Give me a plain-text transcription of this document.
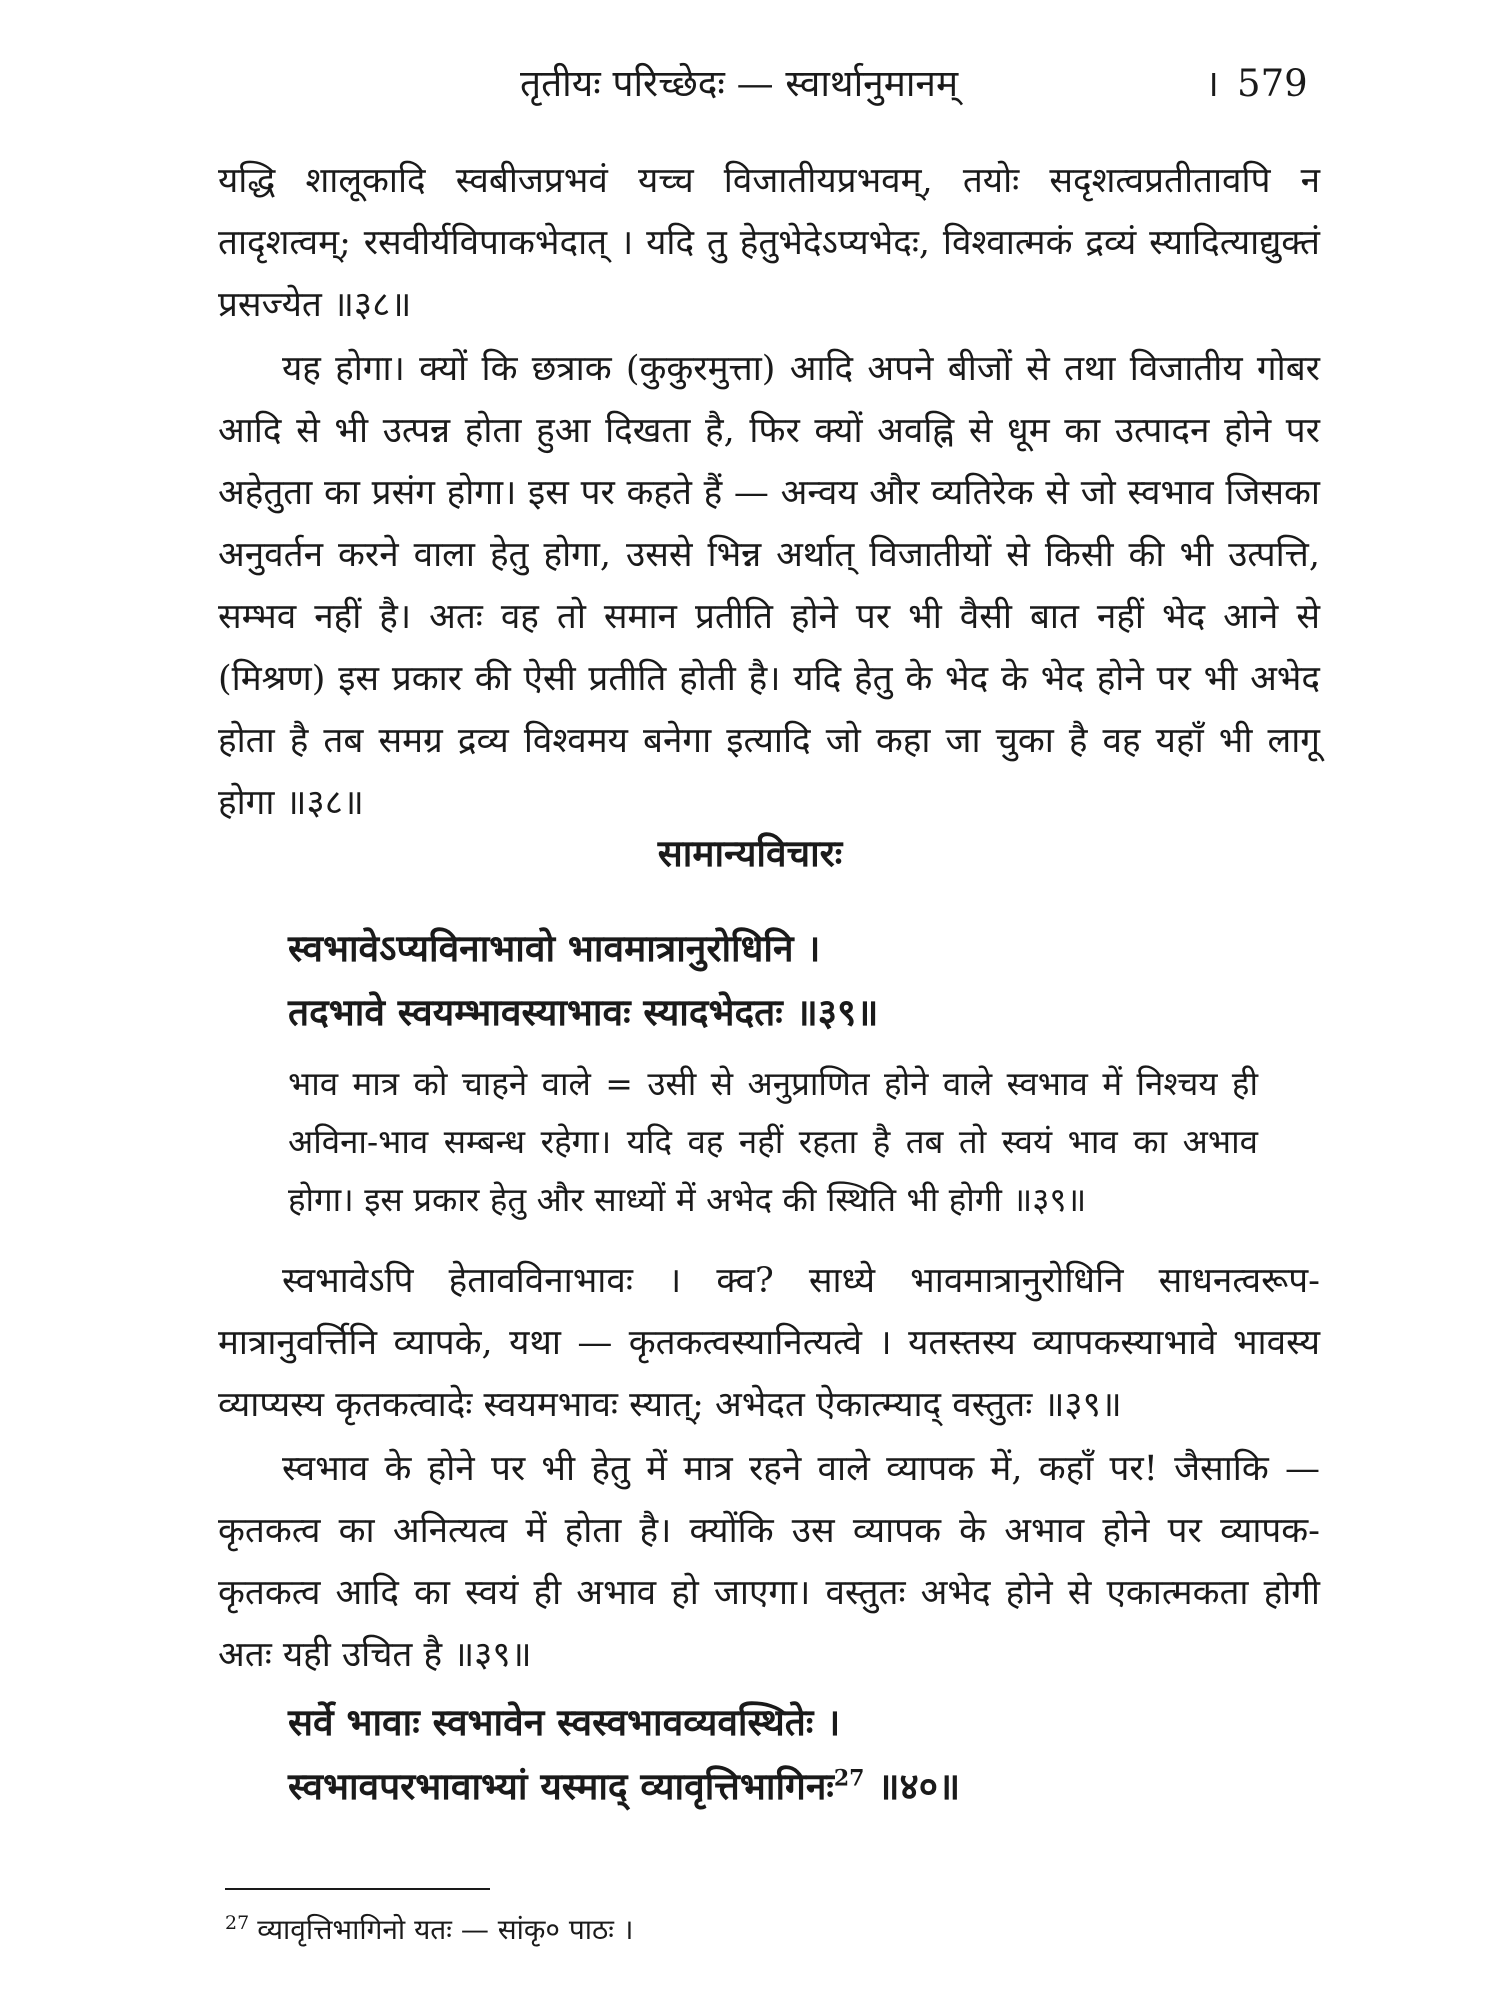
तृतीयः परिच्छेदः — स्वार्थानुमानम्	। 579

यद्धि शालूकादि स्वबीजप्रभवं यच्च विजातीयप्रभवम्, तयोः सदृशत्वप्रतीतावपि न तादृशत्वम्; रसवीर्यविपाकभेदात् । यदि तु हेतुभेदेऽप्यभेदः, विश्वात्मकं द्रव्यं स्यादित्याद्युक्तं प्रसज्येत ॥३८॥

यह होगा। क्यों कि छत्राक (कुकुरमुत्ता) आदि अपने बीजों से तथा विजातीय गोबर आदि से भी उत्पन्न होता हुआ दिखता है, फिर क्यों अवह्नि से धूम का उत्पादन होने पर अहेतुता का प्रसंग होगा। इस पर कहते हैं — अन्वय और व्यतिरेक से जो स्वभाव जिसका अनुवर्तन करने वाला हेतु होगा, उससे भिन्न अर्थात् विजातीयों से किसी की भी उत्पत्ति, सम्भव नहीं है। अतः वह तो समान प्रतीति होने पर भी वैसी बात नहीं भेद आने से (मिश्रण) इस प्रकार की ऐसी प्रतीति होती है। यदि हेतु के भेद के भेद होने पर भी अभेद होता है तब समग्र द्रव्य विश्वमय बनेगा इत्यादि जो कहा जा चुका है वह यहाँ भी लागू होगा ॥३८॥

सामान्यविचारः
स्वभावेऽप्यविनाभावो भावमात्रानुरोधिनि ।
तदभावे स्वयम्भावस्याभावः स्यादभेदतः ॥३९॥

भाव मात्र को चाहने वाले = उसी से अनुप्राणित होने वाले स्वभाव में निश्चय ही अविना-भाव सम्बन्ध रहेगा। यदि वह नहीं रहता है तब तो स्वयं भाव का अभाव होगा। इस प्रकार हेतु और साध्यों में अभेद की स्थिति भी होगी ॥३९॥

स्वभावेऽपि हेतावविनाभावः । क्व? साध्ये भावमात्रानुरोधिनि साधनत्वरूप-मात्रानुवर्त्तिनि व्यापके, यथा — कृतकत्वस्यानित्यत्वे । यतस्तस्य व्यापकस्याभावे भावस्य व्याप्यस्य कृतकत्वादेः स्वयमभावः स्यात्; अभेदत ऐकात्म्याद् वस्तुतः ॥३९॥

स्वभाव के होने पर भी हेतु में मात्र रहने वाले व्यापक में, कहाँ पर! जैसाकि — कृतकत्व का अनित्यत्व में होता है। क्योंकि उस व्यापक के अभाव होने पर व्यापक-कृतकत्व आदि का स्वयं ही अभाव हो जाएगा। वस्तुतः अभेद होने से एकात्मकता होगी अतः यही उचित है ॥३९॥

सर्वे भावाः स्वभावेन स्वस्वभावव्यवस्थितेः ।
स्वभावपरभावाभ्यां यस्माद् व्यावृत्तिभागिनः$^{27}$ ॥४०॥
$^{27}$ व्यावृत्तिभागिनो यतः — सांकृ० पाठः ।
